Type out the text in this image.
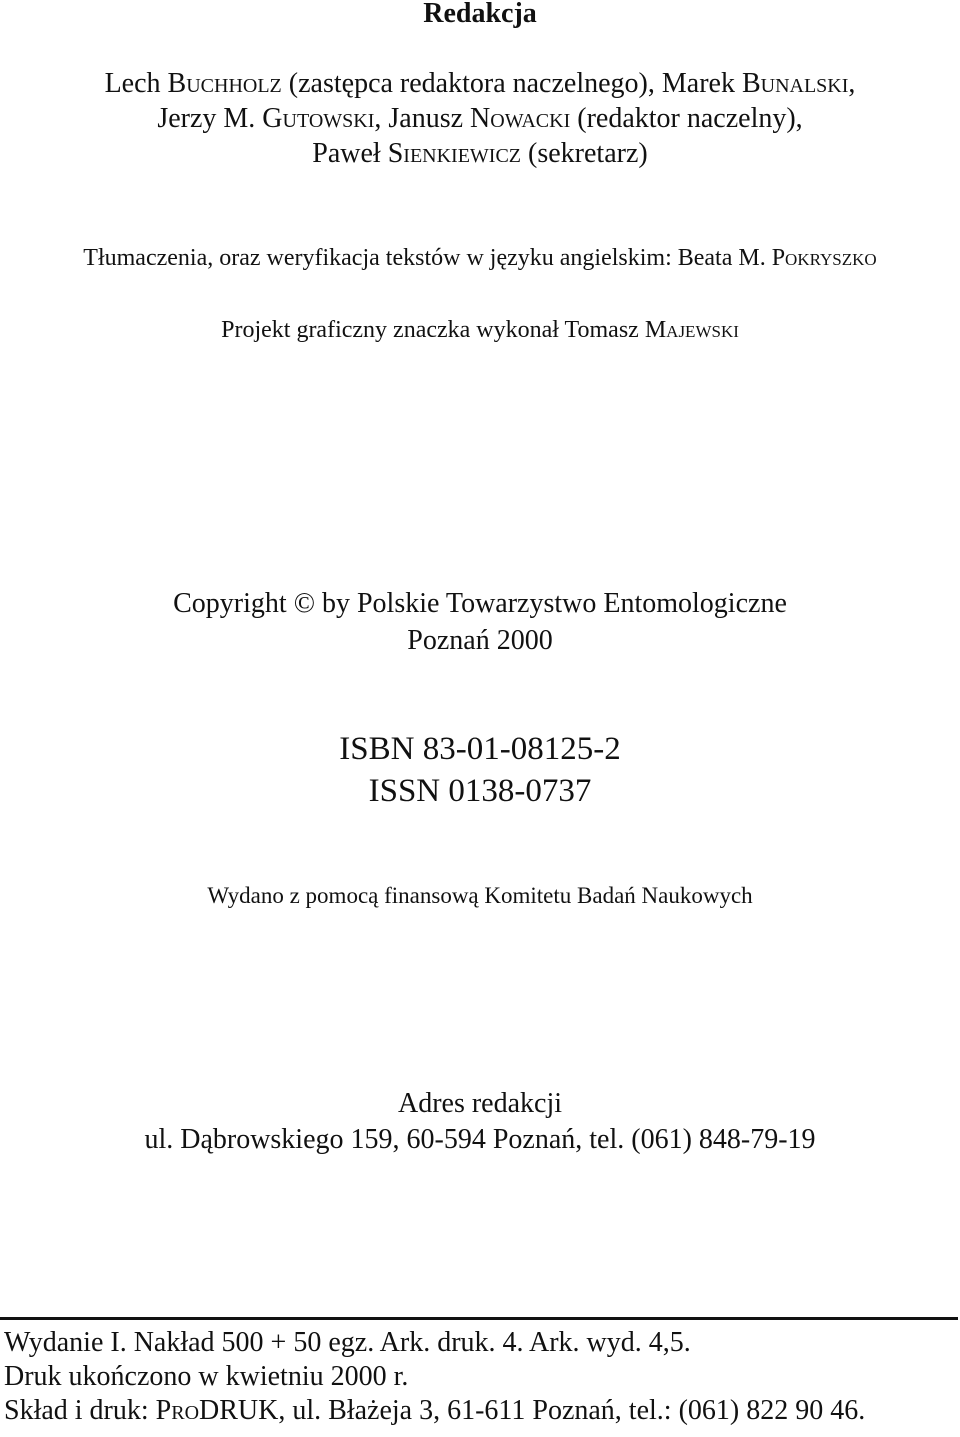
Redakcja
Lech Buchholz (zastępca redaktora naczelnego), Marek Bunalski,
Jerzy M. Gutowski, Janusz Nowacki (redaktor naczelny),
Paweł Sienkiewicz (sekretarz)
Tłumaczenia, oraz weryfikacja tekstów w języku angielskim: Beata M. Pokryszko
Projekt graficzny znaczka wykonał Tomasz Majewski
Copyright © by Polskie Towarzystwo Entomologiczne
Poznań 2000
ISBN 83-01-08125-2
ISSN 0138-0737
Wydano z pomocą finansową Komitetu Badań Naukowych
Adres redakcji
ul. Dąbrowskiego 159, 60-594 Poznań, tel. (061) 848-79-19
Wydanie I. Nakład 500 + 50 egz. Ark. druk. 4. Ark. wyd. 4,5.
Druk ukończono w kwietniu 2000 r.
Skład i druk: ProDRUK, ul. Błażeja 3, 61-611 Poznań, tel.: (061) 822 90 46.
